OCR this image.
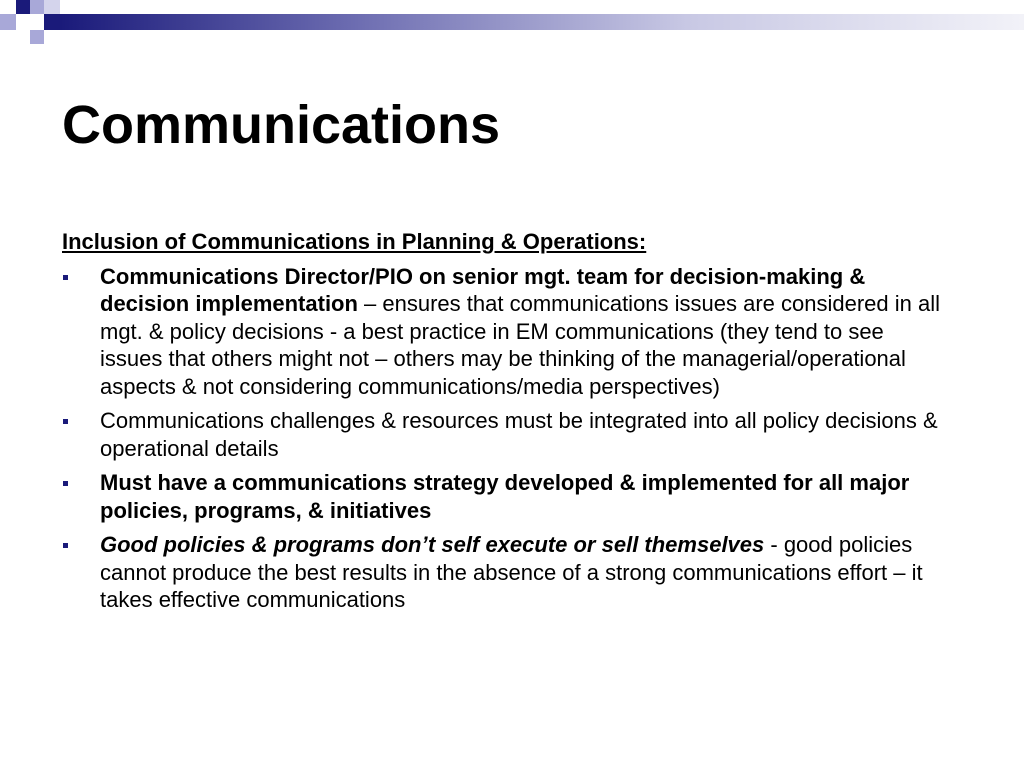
Communications
Inclusion of Communications in Planning & Operations:
Communications Director/PIO on senior mgt. team for decision-making & decision implementation – ensures that communications issues are considered in all mgt. & policy decisions - a best practice in EM communications (they tend to see issues that others might not – others may be thinking of the managerial/operational aspects & not considering communications/media perspectives)
Communications challenges & resources must be integrated into all policy decisions & operational details
Must have a communications strategy developed & implemented for all major policies, programs, & initiatives
Good policies & programs don’t self execute or sell themselves - good policies cannot produce the best results in the absence of a strong communications effort – it takes effective communications
